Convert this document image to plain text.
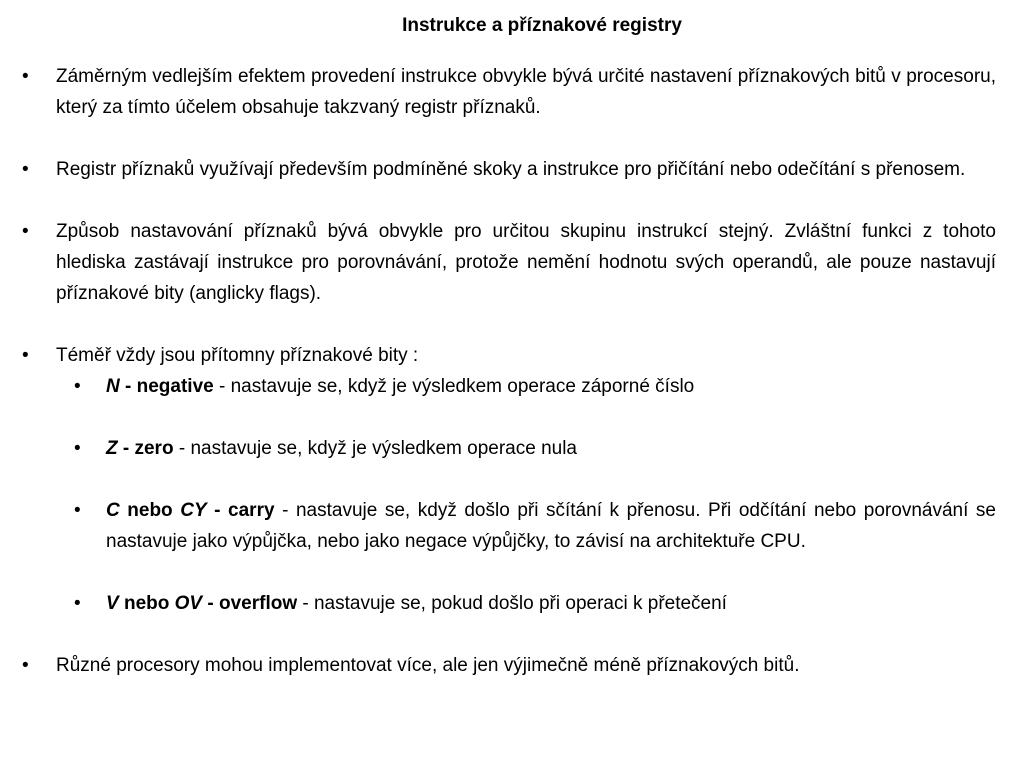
Instrukce a příznakové registry

•	Záměrným vedlejším efektem provedení instrukce obvykle bývá určité nastavení příznakových bitů v procesoru, který za tímto účelem obsahuje takzvaný registr příznaků.

•	Registr příznaků využívají především podmíněné skoky a instrukce pro přičítání nebo odečítání s přenosem.

•	Způsob nastavování příznaků bývá obvykle pro určitou skupinu instrukcí stejný. Zvláštní funkci z tohoto hlediska zastávají instrukce pro porovnávání, protože nemění hodnotu svých operandů, ale pouze nastavují příznakové bity (anglicky flags).

•	Téměř vždy jsou přítomny příznakové bity :

•	N - negative - nastavuje se, když je výsledkem operace záporné číslo

•	Z - zero - nastavuje se, když je výsledkem operace nula

•	C nebo CY - carry - nastavuje se, když došlo při sčítání k přenosu. Při odčítání nebo porovnávání se nastavuje jako výpůjčka, nebo jako negace výpůjčky, to závisí na architektuře CPU.

•	V nebo OV - overflow - nastavuje se, pokud došlo při operaci k přetečení

•	Různé procesory mohou implementovat více, ale jen výjimečně méně příznakových bitů.
